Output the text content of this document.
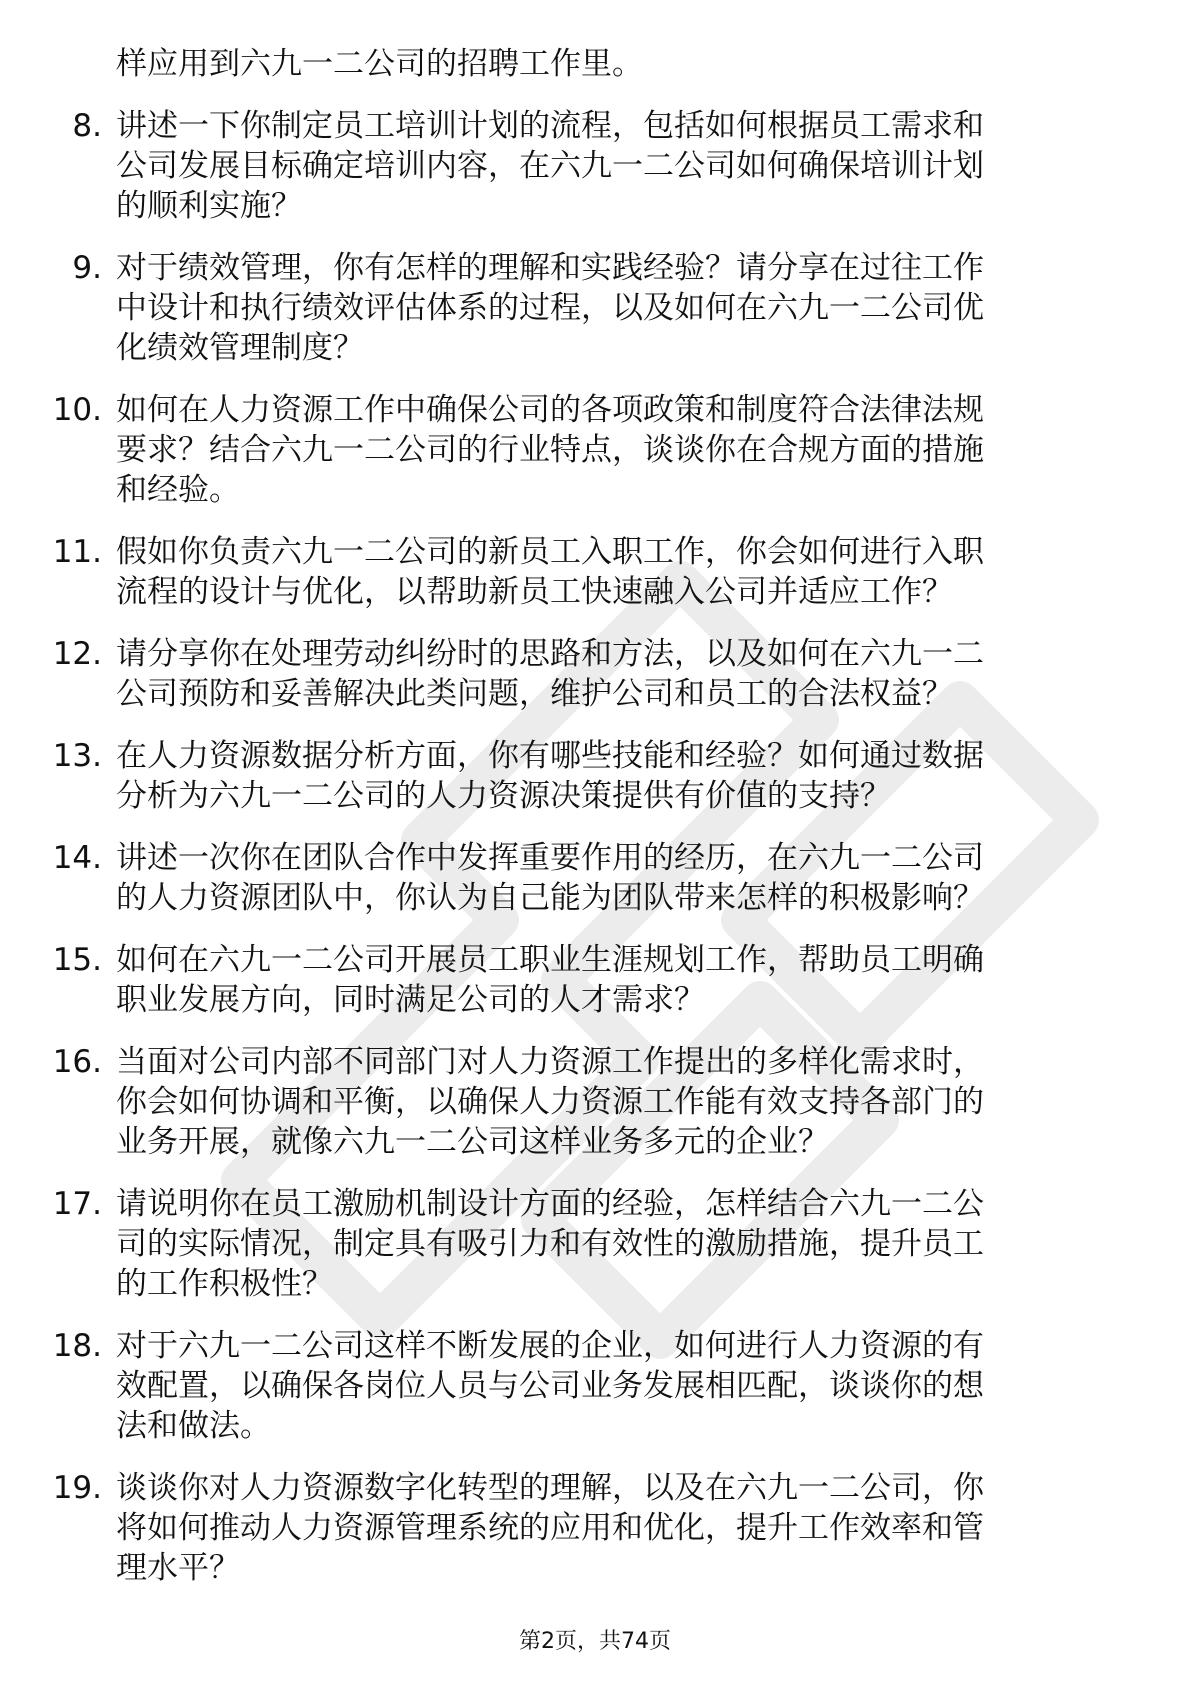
样应用到六九一二公司的招聘工作里。
8. 讲述一下你制定员工培训计划的流程，包括如何根据员工需求和
公司发展目标确定培训内容，在六九一二公司如何确保培训计划
的顺利实施？
9. 对于绩效管理，你有怎样的理解和实践经验？请分享在过往工作
中设计和执行绩效评估体系的过程，以及如何在六九一二公司优
化绩效管理制度？
10. 如何在人力资源工作中确保公司的各项政策和制度符合法律法规
要求？结合六九一二公司的行业特点，谈谈你在合规方面的措施
和经验。
11. 假如你负责六九一二公司的新员工入职工作，你会如何进行入职
流程的设计与优化，以帮助新员工快速融入公司并适应工作？
12. 请分享你在处理劳动纠纷时的思路和方法，以及如何在六九一二
公司预防和妥善解决此类问题，维护公司和员工的合法权益？
13. 在人力资源数据分析方面，你有哪些技能和经验？如何通过数据
分析为六九一二公司的人力资源决策提供有价值的支持？
14. 讲述一次你在团队合作中发挥重要作用的经历，在六九一二公司
的人力资源团队中，你认为自己能为团队带来怎样的积极影响？
15. 如何在六九一二公司开展员工职业生涯规划工作，帮助员工明确
职业发展方向，同时满足公司的人才需求？
16. 当面对公司内部不同部门对人力资源工作提出的多样化需求时，
你会如何协调和平衡，以确保人力资源工作能有效支持各部门的
业务开展，就像六九一二公司这样业务多元的企业？
17. 请说明你在员工激励机制设计方面的经验，怎样结合六九一二公
司的实际情况，制定具有吸引力和有效性的激励措施，提升员工
的工作积极性？
18. 对于六九一二公司这样不断发展的企业，如何进行人力资源的有
效配置，以确保各岗位人员与公司业务发展相匹配，谈谈你的想
法和做法。
19. 谈谈你对人力资源数字化转型的理解，以及在六九一二公司，你
将如何推动人力资源管理系统的应用和优化，提升工作效率和管
理水平？
第2页，共74页
